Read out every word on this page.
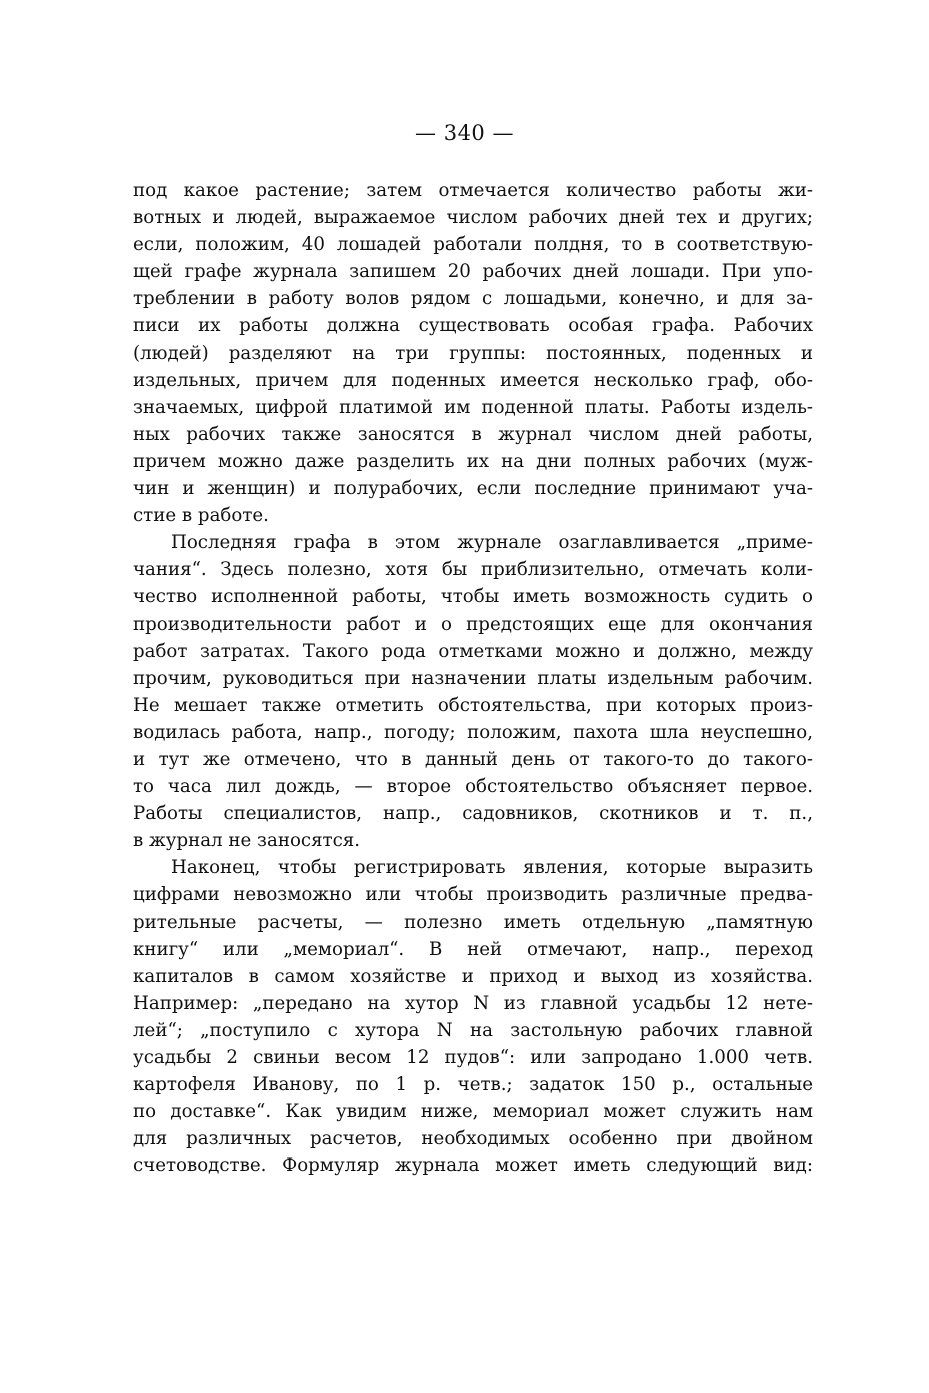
— 340 —
под какое растение; затем отмечается количество работы жи-
вотных и людей, выражаемое числом рабочих дней тех и других;
если, положим, 40 лошадей работали полдня, то в соответствую-
щей графе журнала запишем 20 рабочих дней лошади. При упо-
треблении в работу волов рядом с лошадьми, конечно, и для за-
писи их работы должна существовать особая графа. Рабочих
(людей) разделяют на три группы: постоянных, поденных и
издельных, причем для поденных имеется несколько граф, обо-
значаемых, цифрой платимой им поденной платы. Работы издель-
ных рабочих также заносятся в журнал числом дней работы,
причем можно даже разделить их на дни полных рабочих (муж-
чин и женщин) и полурабочих, если последние принимают уча-
стие в работе.
Последняя графа в этом журнале озаглавливается „приме-
чания“. Здесь полезно, хотя бы приблизительно, отмечать коли-
чество исполненной работы, чтобы иметь возможность судить о
производительности работ и о предстоящих еще для окончания
работ затратах. Такого рода отметками можно и должно, между
прочим, руководиться при назначении платы издельным рабочим.
Не мешает также отметить обстоятельства, при которых произ-
водилась работа, напр., погоду; положим, пахота шла неуспешно,
и тут же отмечено, что в данный день от такого-то до такого-
то часа лил дождь, — второе обстоятельство объясняет первое.
Работы специалистов, напр., садовников, скотников и т. п.,
в журнал не заносятся.
Наконец, чтобы регистрировать явления, которые выразить
цифрами невозможно или чтобы производить различные предва-
рительные расчеты, — полезно иметь отдельную „памятную
книгу“ или „мемориал“. В ней отмечают, напр., переход
капиталов в самом хозяйстве и приход и выход из хозяйства.
Например: „передано на хутор N из главной усадьбы 12 нете-
лей“; „поступило с хутора N на застольную рабочих главной
усадьбы 2 свиньи весом 12 пудов“: или запродано 1.000 четв.
картофеля Иванову, по 1 р. четв.; задаток 150 р., остальные
по доставке“. Как увидим ниже, мемориал может служить нам
для различных расчетов, необходимых особенно при двойном
счетоводстве. Формуляр журнала может иметь следующий вид:
